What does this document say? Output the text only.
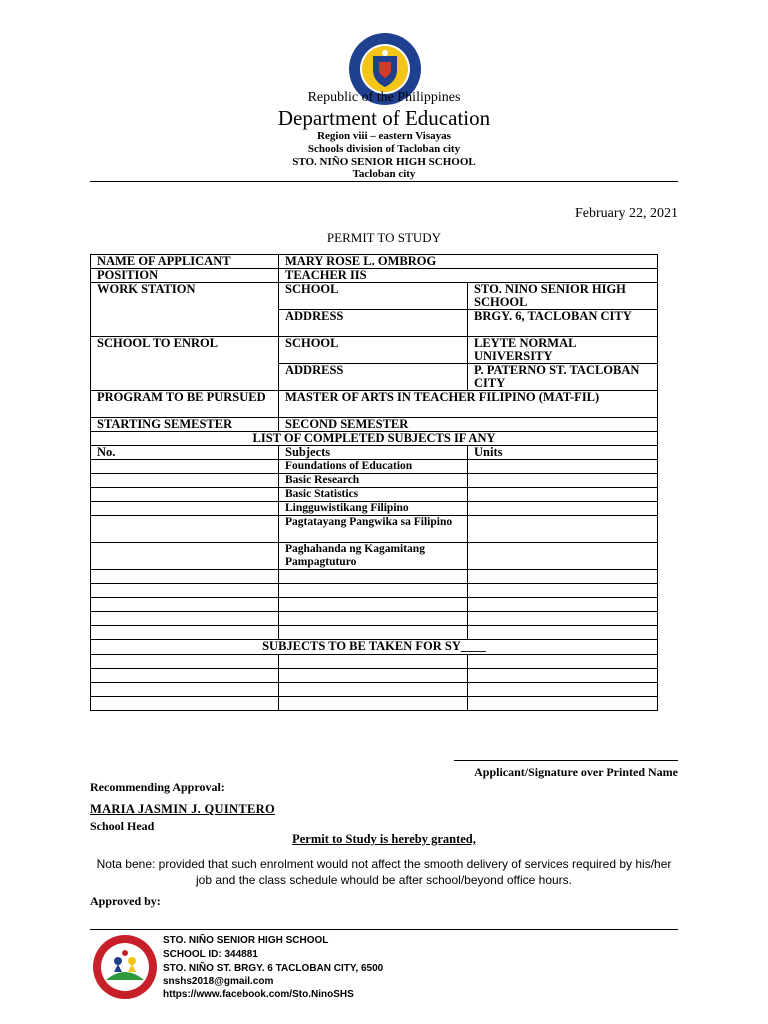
Republic of the Philippines
Department of Education
Region viii – eastern Visayas
Schools division of Tacloban city
STO. NIÑO SENIOR HIGH SCHOOL
Tacloban city
February 22, 2021
PERMIT TO STUDY
NAME OF APPLICANT	MARY ROSE L. OMBROG	
POSITION	TEACHER IIS	
WORK STATION	SCHOOL	STO. NINO SENIOR HIGH SCHOOL
	ADDRESS	BRGY. 6, TACLOBAN CITY
SCHOOL TO ENROL	SCHOOL	LEYTE NORMAL UNIVERSITY
	ADDRESS	P. PATERNO ST. TACLOBAN CITY
PROGRAM TO BE PURSUED	MASTER OF ARTS IN TEACHER FILIPINO (MAT-FIL)	
STARTING SEMESTER	SECOND SEMESTER	
LIST OF COMPLETED SUBJECTS IF ANY		
No.	Subjects	Units
	Foundations of Education	
	Basic Research	
	Basic Statistics	
	Lingguwistikang Filipino	
	Pagtatayang Pangwika sa Filipino	
	Paghahanda ng Kagamitang Pampagtuturo	

SUBJECTS TO BE TAKEN FOR SY____		

Applicant/Signature over Printed Name
Recommending Approval:
MARIA JASMIN J. QUINTERO
School Head
Permit to Study is hereby granted,
Nota bene: provided that such enrolment would not affect the smooth delivery of services required by his/her job and the class schedule whould be after school/beyond office hours.
Approved by:
STO. NIÑO SENIOR HIGH SCHOOL
SCHOOL ID: 344881
STO. NIÑO ST. BRGY. 6 TACLOBAN CITY, 6500
snshs2018@gmail.com
https://www.facebook.com/Sto.NinoSHS
